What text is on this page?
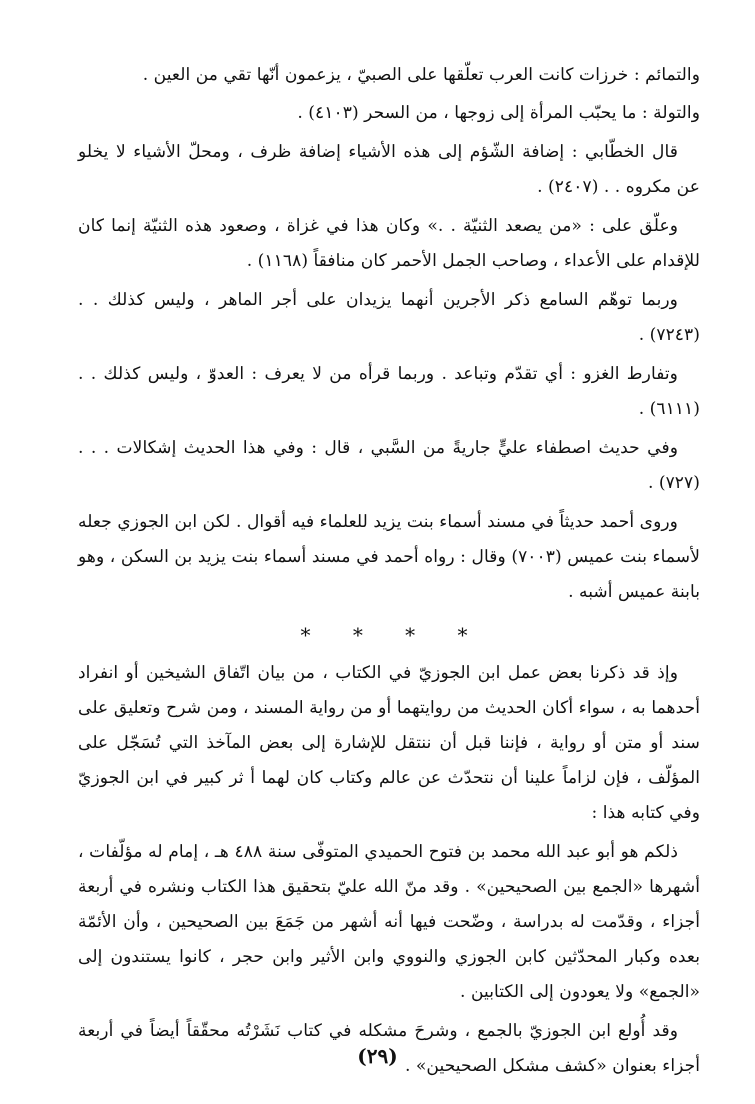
والتمائم : خرزات كانت العرب تعلّقها على الصبيّ ، يزعمون أنّها تقي من العين .

والتولة : ما يحبّب المرأة إلى زوجها ، من السحر (٤١٠٣) .

قال الخطّابي : إضافة الشّؤم إلى هذه الأشياء إضافة ظرف ، ومحلّ الأشياء لا يخلو عن مكروه . . (٢٤٠٧) .

وعلّق على : «من يصعد الثنيّة . .» وكان هذا في غزاة ، وصعود هذه الثنيّة إنما كان للإقدام على الأعداء ، وصاحب الجمل الأحمر كان منافقاً (١١٦٨) .

وربما توهّم السامع ذكر الأجرين أنهما يزيدان على أجر الماهر ، وليس كذلك . . (٧٢٤٣) .

وتفارط الغزو : أي تقدّم وتباعد . وربما قرأه من لا يعرف : العدوّ ، وليس كذلك . . (٦١١١) .

وفي حديث اصطفاء عليٍّ جاريةً من السَّبي ، قال : وفي هذا الحديث إشكالات . . . (٧٢٧) .

وروى أحمد حديثاً في مسند أسماء بنت يزيد للعلماء فيه أقوال . لكن ابن الجوزي جعله لأسماء بنت عميس (٧٠٠٣) وقال : رواه أحمد في مسند أسماء بنت يزيد بن السكن ، وهو بابنة عميس أشبه .

* * * *

وإذ قد ذكرنا بعض عمل ابن الجوزيّ في الكتاب ، من بيان اتّفاق الشيخين أو انفراد أحدهما به ، سواء أكان الحديث من روايتهما أو من رواية المسند ، ومن شرح وتعليق على سند أو متن أو رواية ، فإننا قبل أن ننتقل للإشارة إلى بعض المآخذ التي تُسَجّل على المؤلّف ، فإن لزاماً علينا أن نتحدّث عن عالم وكتاب كان لهما أ ثر كبير في ابن الجوزيّ وفي كتابه هذا :

ذلكم هو أبو عبد الله محمد بن فتوح الحميدي المتوفّى سنة ٤٨٨ هـ ، إمام له مؤلّفات ، أشهرها «الجمع بين الصحيحين» . وقد منّ الله عليّ بتحقيق هذا الكتاب ونشره في أربعة أجزاء ، وقدّمت له بدراسة ، وضّحت فيها أنه أشهر من جَمَعَ بين الصحيحين ، وأن الأئمّة بعده وكبار المحدّثين كابن الجوزي والنووي وابن الأثير وابن حجر ، كانوا يستندون إلى «الجمع» ولا يعودون إلى الكتابين .

وقد أُولع ابن الجوزيّ بالجمع ، وشرحَ مشكله في كتاب نَشَرْتُه محقّقاً أيضاً في أربعة أجزاء بعنوان «كشف مشكل الصحيحين» .

(٢٩)
